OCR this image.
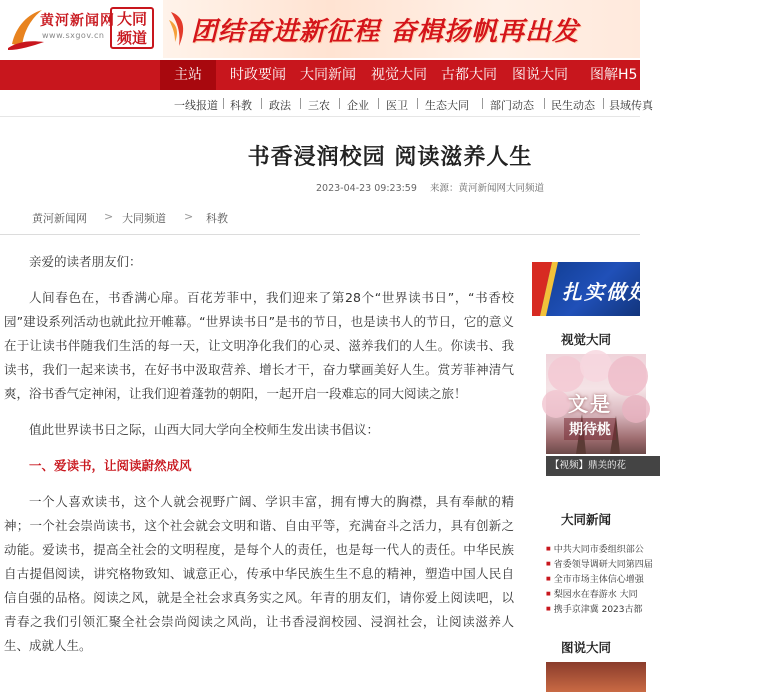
黄河新闻网
www.sxgov.cn
大同
频道 团结奋进新征程 奋楫扬帆再出发
主站	时政要闻 大同新闻 视觉大同 古都大同 图说大同 图解H5
一线报道 科教 政法 三农 企业 医卫 生态大同 部门动态 民生动态 县域传真
书香浸润校园 阅读滋养人生
2023-04-23 09:23:59 来源：黄河新闻网大同频道
黄河新闻网 > 大同频道 > 科教

亲爱的读者朋友们：

人间春色在，书香满心扉。百花芳菲中，我们迎来了第28个“世界读书日”，“书香校园”建设系列活动也就此拉开帷幕。“世界读书日”是书的节日，也是读书人的节日，它的意义在于让读书伴随我们生活的每一天，让文明净化我们的心灵、滋养我们的人生。你读书、我读书，我们一起来读书，在好书中汲取营养、增长才干，奋力擘画美好人生。赏芳菲神清气爽，浴书香气定神闲，让我们迎着蓬勃的朝阳，一起开启一段难忘的同大阅读之旅！

值此世界读书日之际，山西大同大学向全校师生发出读书倡议：

一、爱读书，让阅读蔚然成风

一个人喜欢读书，这个人就会视野广阔、学识丰富，拥有博大的胸襟，具有奉献的精神；一个社会崇尚读书，这个社会就会文明和谐、自由平等，充满奋斗之活力，具有创新之动能。爱读书，提高全社会的文明程度，是每个人的责任，也是每一代人的责任。中华民族自古提倡阅读，讲究格物致知、诚意正心，传承中华民族生生不息的精神，塑造中国人民自信自强的品格。阅读之风，就是全社会求真务实之风。年青的朋友们，请你爱上阅读吧，以青春之我们引领汇聚全社会崇尚阅读之风尚，让书香浸润校园、浸润社会，让阅读滋养人生、成就人生。

扎实做好
视觉大同
文是
期待桃
【视频】鼎美的花
大同新闻
■ 中共大同市委组织部公
■ 省委领导调研大同第四届
■ 全市市场主体信心增强
■ 梨园水在春游水 大同
■ 携手京津冀 2023古都
图说大同
